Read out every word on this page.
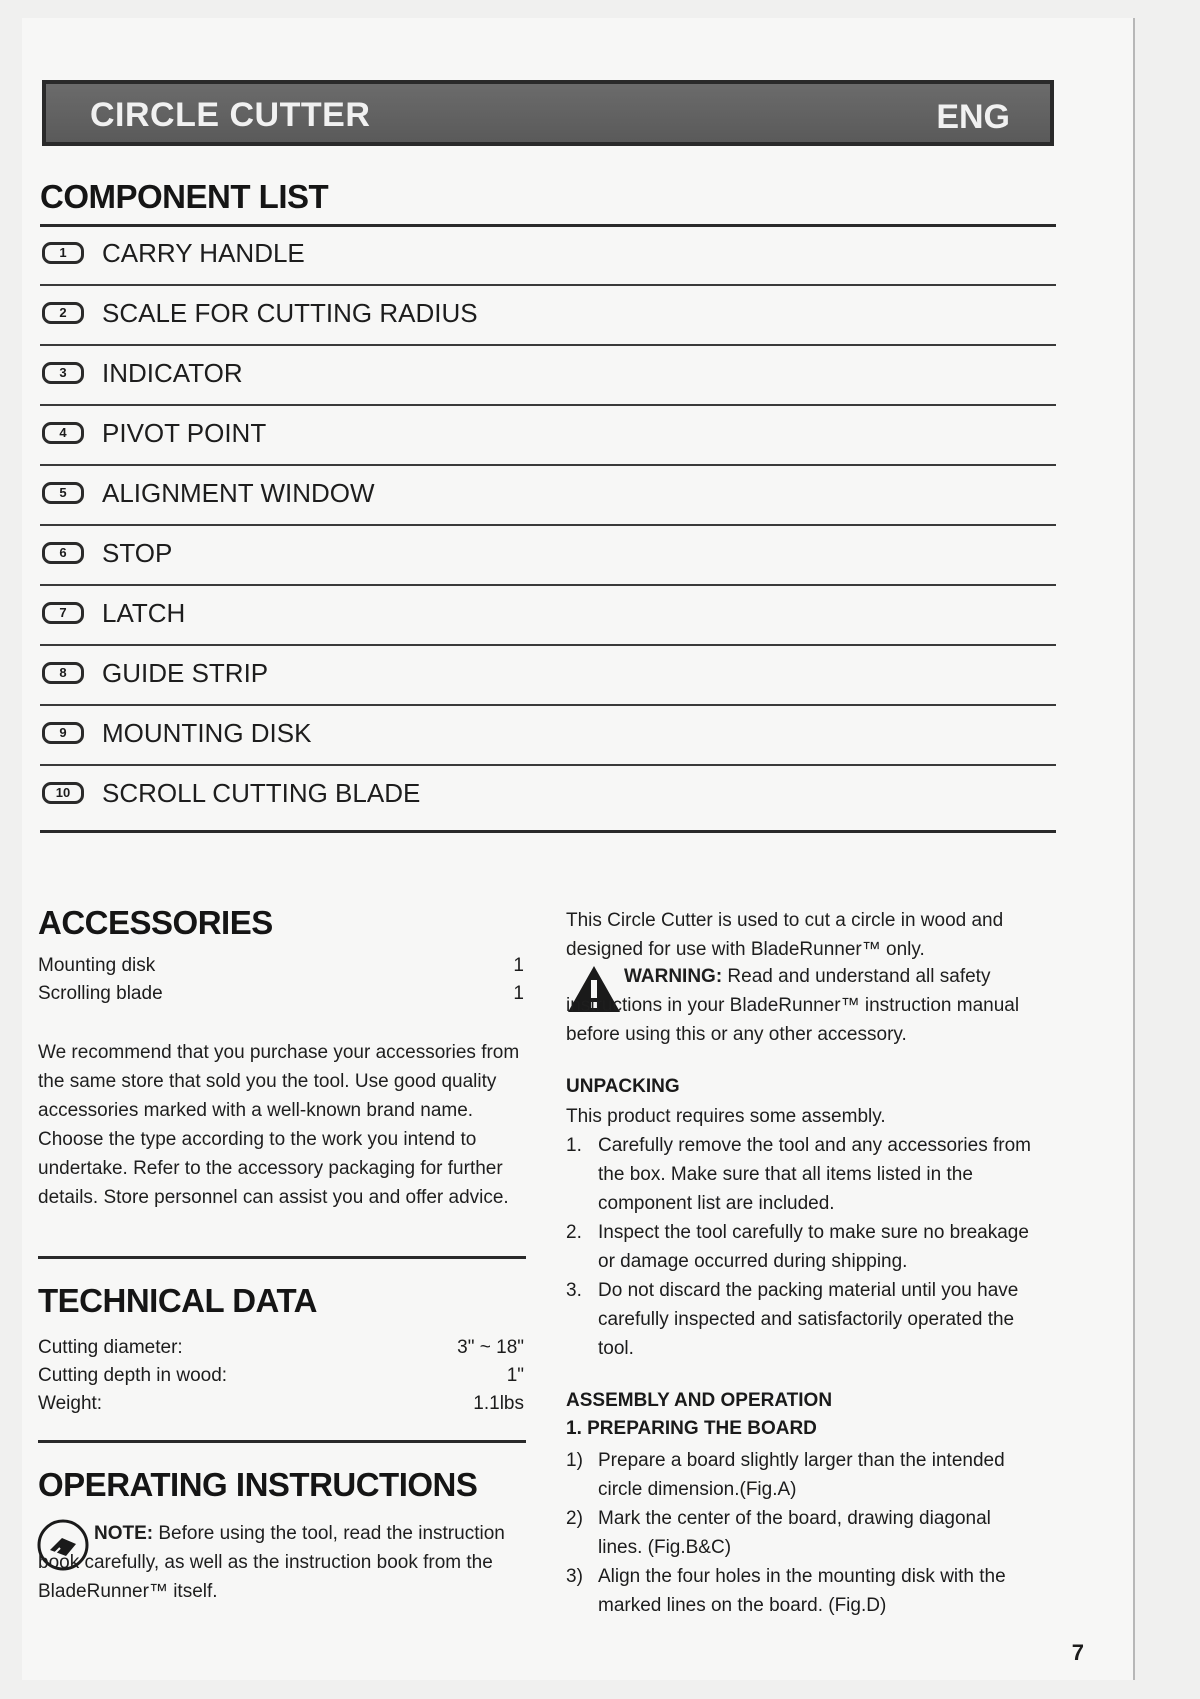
CIRCLE CUTTER	ENG
COMPONENT LIST
1	CARRY HANDLE
2	SCALE FOR CUTTING RADIUS
3	INDICATOR
4	PIVOT POINT
5	ALIGNMENT WINDOW
6	STOP
7	LATCH
8	GUIDE STRIP
9	MOUNTING DISK
10	SCROLL CUTTING BLADE
ACCESSORIES
Mounting disk	1
Scrolling blade	1
We recommend that you purchase your accessories from the same store that sold you the tool. Use good quality accessories marked with a well-known brand name. Choose the type according to the work you intend to undertake. Refer to the accessory packaging for further details. Store personnel can assist you and offer advice.
TECHNICAL DATA
Cutting diameter:	3" ~ 18"
Cutting depth in wood:	1"
Weight:	1.1lbs
OPERATING INSTRUCTIONS
NOTE: Before using the tool, read the instruction book carefully, as well as the instruction book from the BladeRunner™ itself.
This Circle Cutter is used to cut a circle in wood and designed for use with BladeRunner™ only.
WARNING: Read and understand all safety instructions in your BladeRunner™ instruction manual before using this or any other accessory.
UNPACKING
This product requires some assembly.
1. Carefully remove the tool and any accessories from the box. Make sure that all items listed in the component list are included.
2. Inspect the tool carefully to make sure no breakage or damage occurred during shipping.
3. Do not discard the packing material until you have carefully inspected and satisfactorily operated the tool.
ASSEMBLY AND OPERATION
1. PREPARING THE BOARD
1) Prepare a board slightly larger than the intended circle dimension.(Fig.A)
2) Mark the center of the board, drawing diagonal lines. (Fig.B&C)
3) Align the four holes in the mounting disk with the marked lines on the board. (Fig.D)
7
